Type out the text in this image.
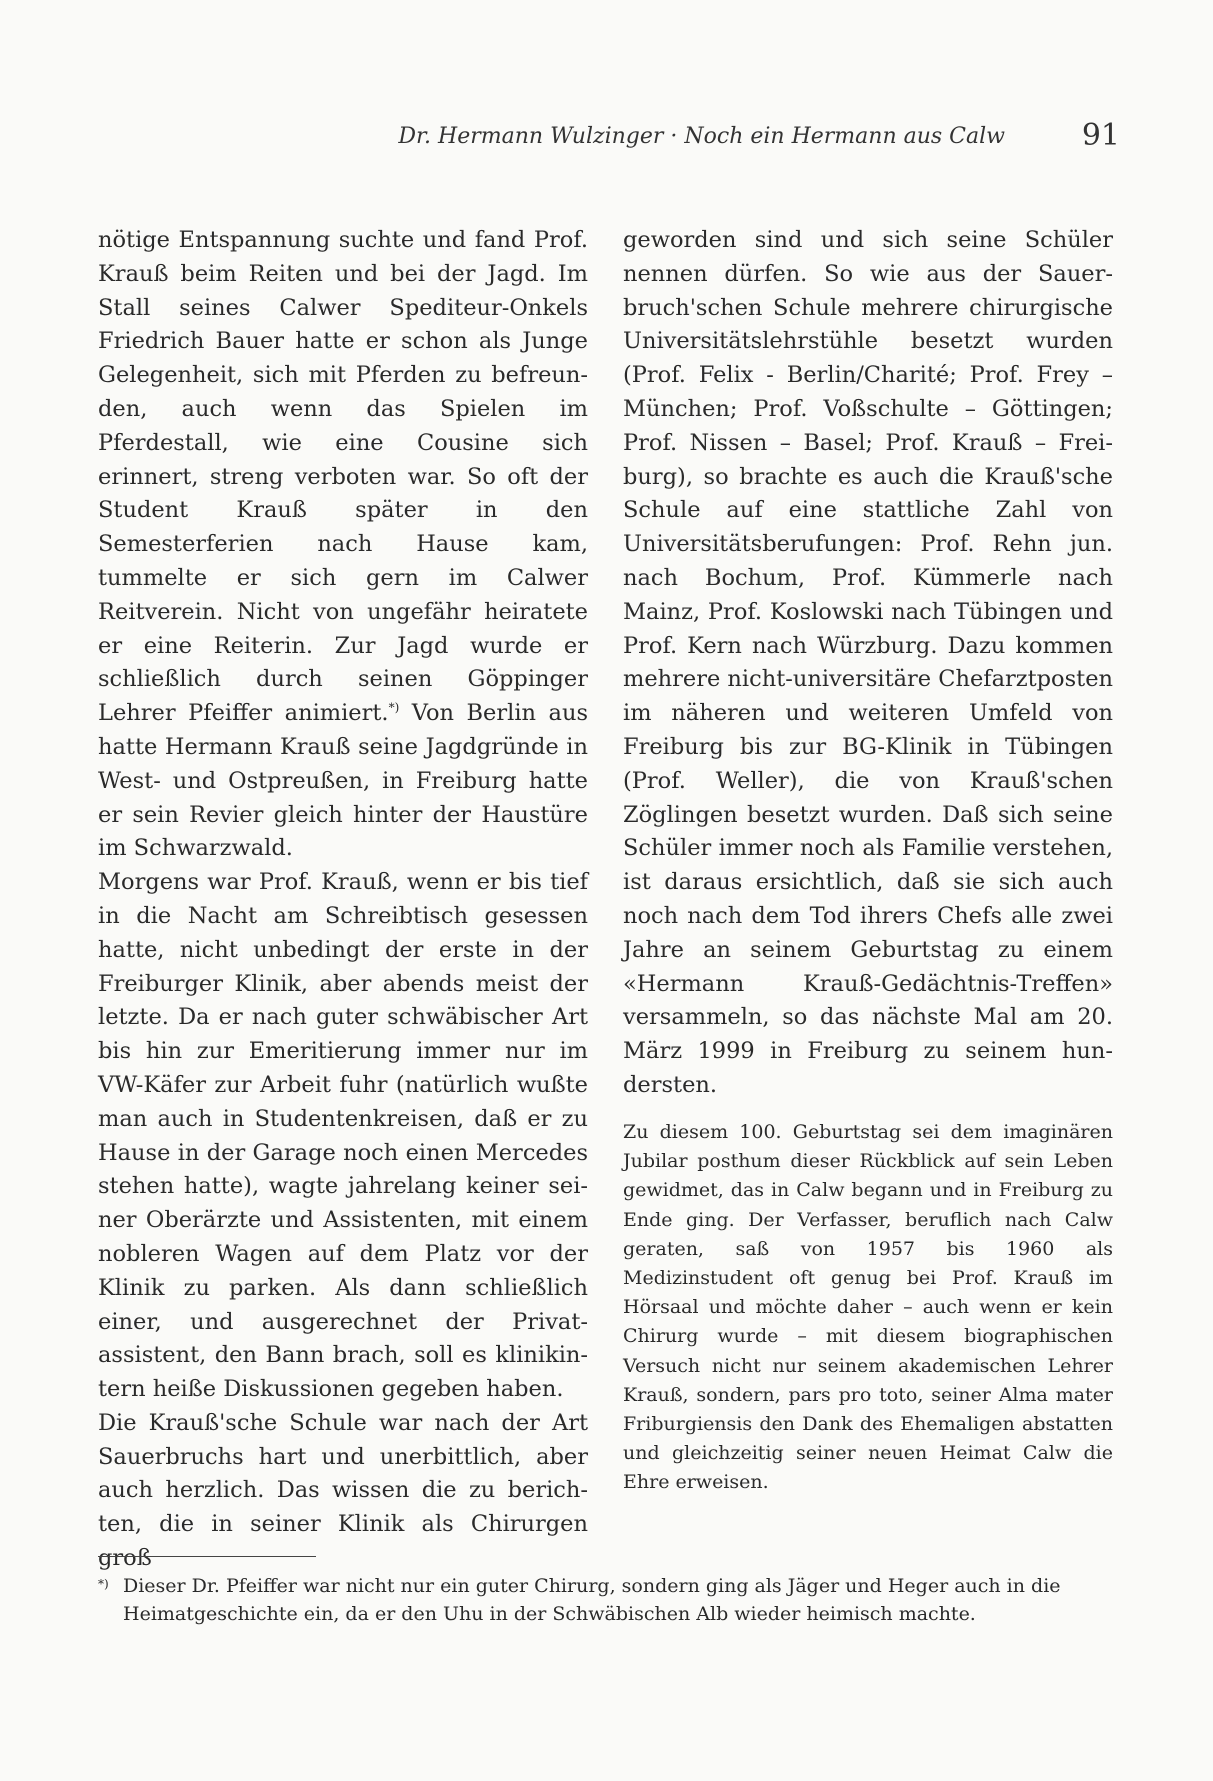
Dr. Hermann Wulzinger · Noch ein Hermann aus Calw	91

nötige Entspannung suchte und fand Prof. Krauß beim Reiten und bei der Jagd. Im Stall seines Calwer Spediteur-Onkels Friedrich Bauer hatte er schon als Junge Gelegenheit, sich mit Pferden zu befreunden, auch wenn das Spielen im Pferdestall, wie eine Cousine sich erinnert, streng verboten war. So oft der Student Krauß später in den Semesterferien nach Hause kam, tummelte er sich gern im Calwer Reitverein. Nicht von ungefähr heiratete er eine Reiterin. Zur Jagd wurde er schließlich durch seinen Göppinger Lehrer Pfeiffer animiert.*) Von Berlin aus hatte Hermann Krauß seine Jagdgründe in West- und Ostpreußen, in Freiburg hatte er sein Revier gleich hinter der Haustüre im Schwarzwald.

Morgens war Prof. Krauß, wenn er bis tief in die Nacht am Schreibtisch gesessen hatte, nicht unbedingt der erste in der Freiburger Klinik, aber abends meist der letzte. Da er nach guter schwäbischer Art bis hin zur Emeritierung immer nur im VW-Käfer zur Arbeit fuhr (natürlich wußte man auch in Studentenkreisen, daß er zu Hause in der Garage noch einen Mercedes stehen hatte), wagte jahrelang keiner seiner Oberärzte und Assistenten, mit einem nobleren Wagen auf dem Platz vor der Klinik zu parken. Als dann schließlich einer, und ausgerechnet der Privatassistent, den Bann brach, soll es klinikintern heiße Diskussionen gegeben haben.

Die Krauß'sche Schule war nach der Art Sauerbruchs hart und unerbittlich, aber auch herzlich. Das wissen die zu berichten, die in seiner Klinik als Chirurgen groß

geworden sind und sich seine Schüler nennen dürfen. So wie aus der Sauerbruch'schen Schule mehrere chirurgische Universitätslehrstühle besetzt wurden (Prof. Felix - Berlin/Charité; Prof. Frey – München; Prof. Voßschulte – Göttingen; Prof. Nissen – Basel; Prof. Krauß – Freiburg), so brachte es auch die Krauß'sche Schule auf eine stattliche Zahl von Universitätsberufungen: Prof. Rehn jun. nach Bochum, Prof. Kümmerle nach Mainz, Prof. Koslowski nach Tübingen und Prof. Kern nach Würzburg. Dazu kommen mehrere nicht-universitäre Chefarztposten im näheren und weiteren Umfeld von Freiburg bis zur BG-Klinik in Tübingen (Prof. Weller), die von Krauß'schen Zöglingen besetzt wurden. Daß sich seine Schüler immer noch als Familie verstehen, ist daraus ersichtlich, daß sie sich auch noch nach dem Tod ihrers Chefs alle zwei Jahre an seinem Geburtstag zu einem «Hermann Krauß-Gedächtnis-Treffen» versammeln, so das nächste Mal am 20. März 1999 in Freiburg zu seinem hundersten.

Zu diesem 100. Geburtstag sei dem imaginären Jubilar posthum dieser Rückblick auf sein Leben gewidmet, das in Calw begann und in Freiburg zu Ende ging. Der Verfasser, beruflich nach Calw geraten, saß von 1957 bis 1960 als Medizinstudent oft genug bei Prof. Krauß im Hörsaal und möchte daher – auch wenn er kein Chirurg wurde – mit diesem biographischen Versuch nicht nur seinem akademischen Lehrer Krauß, sondern, pars pro toto, seiner Alma mater Friburgiensis den Dank des Ehemaligen abstatten und gleichzeitig seiner neuen Heimat Calw die Ehre erweisen.

*) Dieser Dr. Pfeiffer war nicht nur ein guter Chirurg, sondern ging als Jäger und Heger auch in die Heimatgeschichte ein, da er den Uhu in der Schwäbischen Alb wieder heimisch machte.
